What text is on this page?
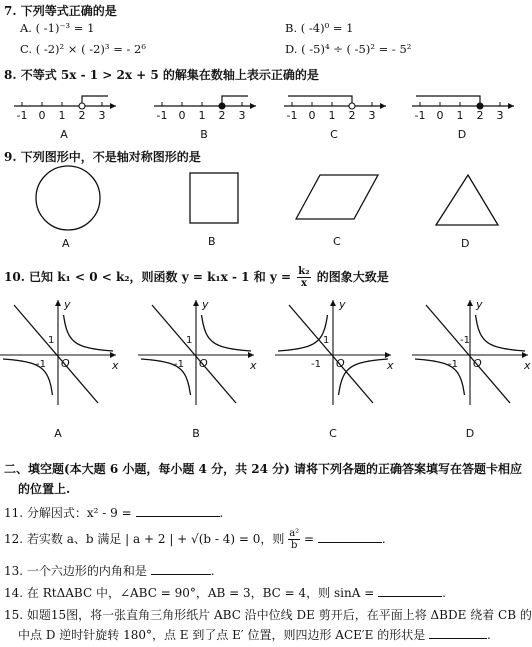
7. 下列等式正确的是
A. ( -1)⁻³ = 1	B. ( -4)⁰ = 1
C. ( -2)² × ( -2)³ = - 2⁶	D. ( -5)⁴ ÷ ( -5)² = - 5²
8. 不等式 5x - 1 > 2x + 5 的解集在数轴上表示正确的是
-1 0 1 2 3
A
-1 0 1 2 3
B
-1 0 1 2 3
C
-1 0 1 2 3
D
9. 下列图形中，不是轴对称图形的是
A	B	C	D
10. 已知 k₁ < 0 < k₂，则函数 y = k₁x - 1 和 $y = \frac{\text{k₂}}{x}$ 的图象大致是
x
y
O
1
-1
A
x
y
O
1
-1
B
x
y
O
1
-1
C
x
y
O
-1
-1
D
二、填空题(本大题 6 小题，每小题 4 分，共 24 分) 请将下列各题的正确答案填写在答题卡相应
的位置上.
11. 分解因式：x² - 9 =	.
12. 若实数 a、b 满足 | a + 2 | + √(b - 4) = 0，则 $\frac{\text{a²}}{b}$ =	.
13. 一个六边形的内角和是	.
14. 在 RtΔABC 中，∠ABC = 90°，AB = 3，BC = 4，则 sinA =	.
15. 如题15图，将一张直角三角形纸片 ABC 沿中位线 DE 剪开后，在平面上将 ΔBDE 绕着 CB 的
中点 D 逆时针旋转 180°，点 E 到了点 E′ 位置，则四边形 ACE′E 的形状是	.
